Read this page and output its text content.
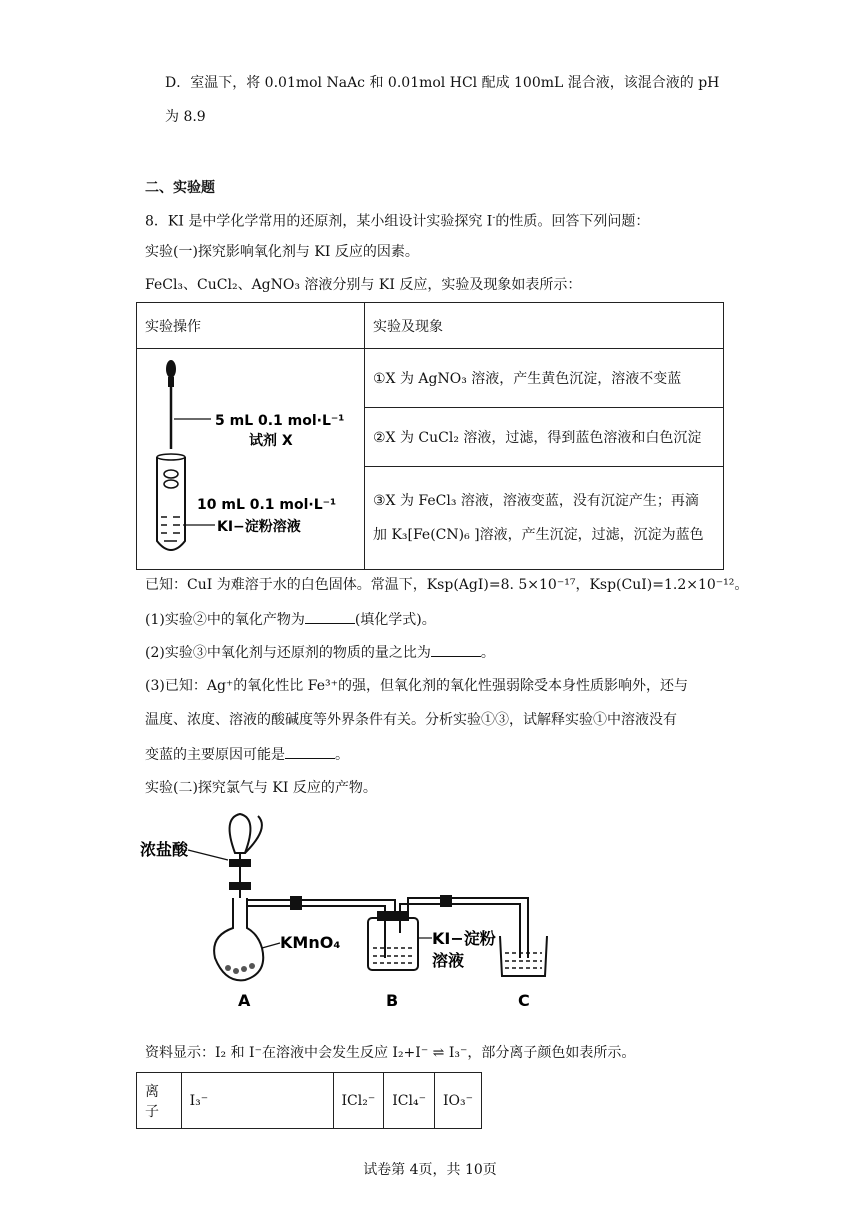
D．室温下，将 0.01mol NaAc 和 0.01mol HCl 配成 100mL 混合液，该混合液的 pH
为 8.9
二、实验题
8．KI 是中学化学常用的还原剂，某小组设计实验探究 I-的性质。回答下列问题：
实验(一)探究影响氧化剂与 KI 反应的因素。
FeCl₃、CuCl₂、AgNO₃ 溶液分别与 KI 反应，实验及现象如表所示：
实验操作	实验及现象

5 mL 0.1 mol·L⁻¹
试剂 X
10 mL 0.1 mol·L⁻¹
KI−淀粉溶液	①X 为 AgNO₃ 溶液，产生黄色沉淀，溶液不变蓝
	②X 为 CuCl₂ 溶液，过滤，得到蓝色溶液和白色沉淀

	③X 为 FeCl₃ 溶液，溶液变蓝，没有沉淀产生；再滴
加 K₃[Fe(CN)₆ ]溶液，产生沉淀，过滤，沉淀为蓝色
已知：CuI 为难溶于水的白色固体。常温下，Ksp(AgI)=8. 5×10⁻¹⁷，Ksp(CuI)=1.2×10⁻¹²。
(1)实验②中的氧化产物为	(填化学式)。
(2)实验③中氧化剂与还原剂的物质的量之比为	。
(3)已知：Ag⁺的氧化性比 Fe³⁺的强，但氧化剂的氧化性强弱除受本身性质影响外，还与
温度、浓度、溶液的酸碱度等外界条件有关。分析实验①③，试解释实验①中溶液没有
变蓝的主要原因可能是	。
实验(二)探究氯气与 KI 反应的产物。
浓盐酸
KMnO₄	KI−淀粉
溶液
A	B	C
资料显示：I₂ 和 I⁻在溶液中会发生反应 I₂+I⁻ ⇌ I₃⁻，部分离子颜色如表所示。
离子	I₃⁻	ICl₂⁻	ICl₄⁻	IO₃⁻
试卷第 4页，共 10页
